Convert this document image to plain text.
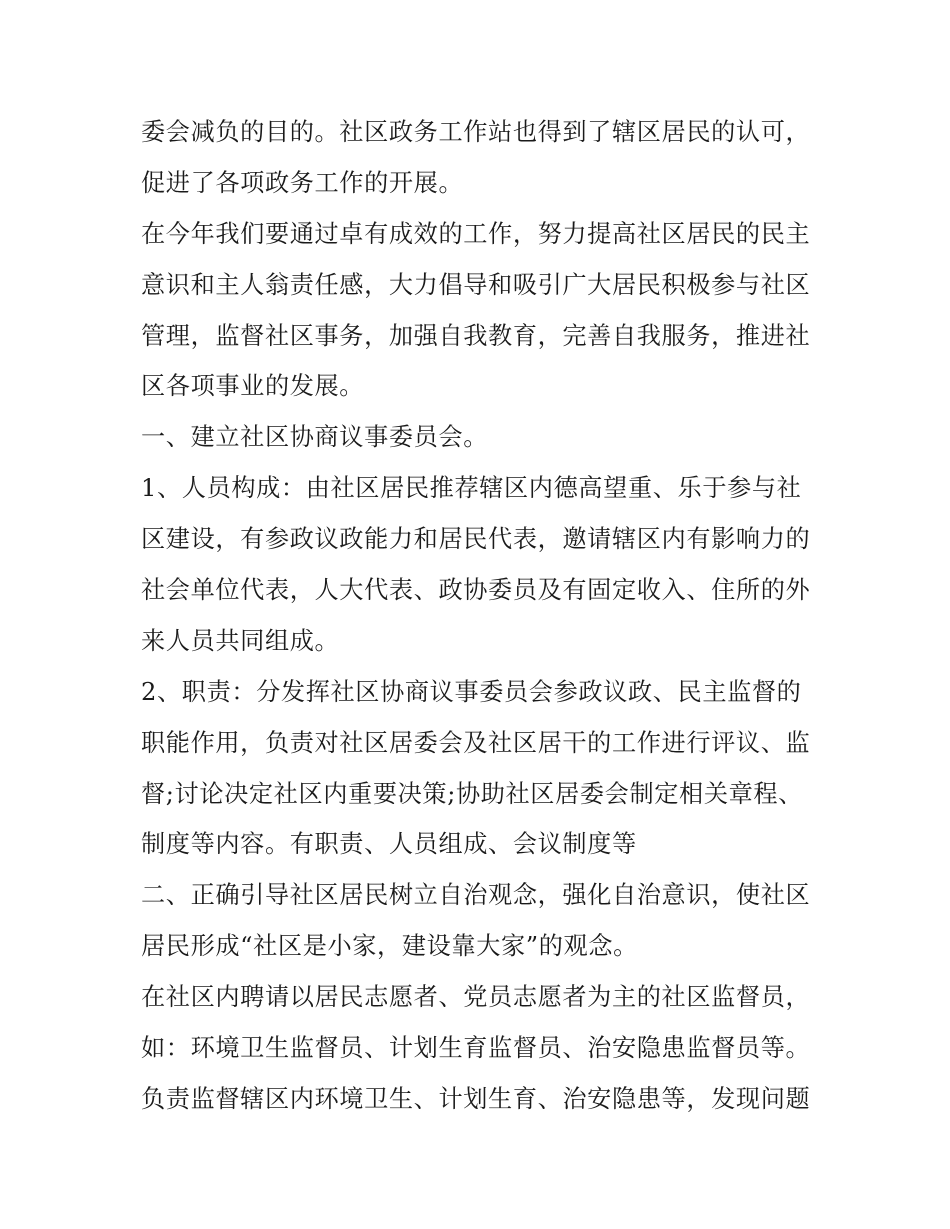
委会减负的目的。社区政务工作站也得到了辖区居民的认可，
促进了各项政务工作的开展。
在今年我们要通过卓有成效的工作，努力提高社区居民的民主
意识和主人翁责任感，大力倡导和吸引广大居民积极参与社区
管理，监督社区事务，加强自我教育，完善自我服务，推进社
区各项事业的发展。
一、建立社区协商议事委员会。
1、人员构成：由社区居民推荐辖区内德高望重、乐于参与社
区建设，有参政议政能力和居民代表，邀请辖区内有影响力的
社会单位代表，人大代表、政协委员及有固定收入、住所的外
来人员共同组成。
2、职责：分发挥社区协商议事委员会参政议政、民主监督的
职能作用，负责对社区居委会及社区居干的工作进行评议、监
督;讨论决定社区内重要决策;协助社区居委会制定相关章程、
制度等内容。有职责、人员组成、会议制度等
二、正确引导社区居民树立自治观念，强化自治意识，使社区
居民形成“社区是小家，建设靠大家”的观念。
在社区内聘请以居民志愿者、党员志愿者为主的社区监督员，
如：环境卫生监督员、计划生育监督员、治安隐患监督员等。
负责监督辖区内环境卫生、计划生育、治安隐患等，发现问题
